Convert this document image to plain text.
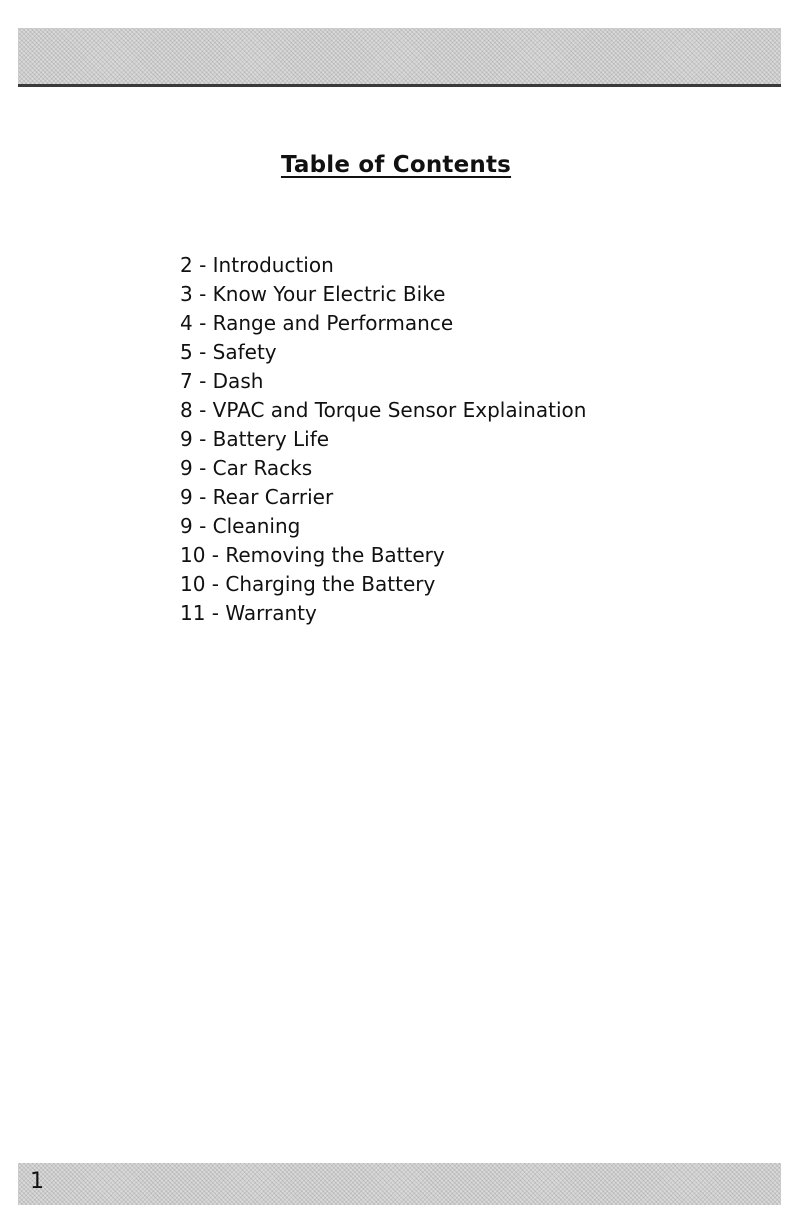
Table of Contents
2 - Introduction
3 - Know Your Electric Bike
4 - Range and Performance
5 - Safety
7 - Dash
8 - VPAC and Torque Sensor Explaination
9 - Battery Life
9 - Car Racks
9 - Rear Carrier
9 - Cleaning
10 - Removing the Battery
10 - Charging the Battery
11 - Warranty
1
